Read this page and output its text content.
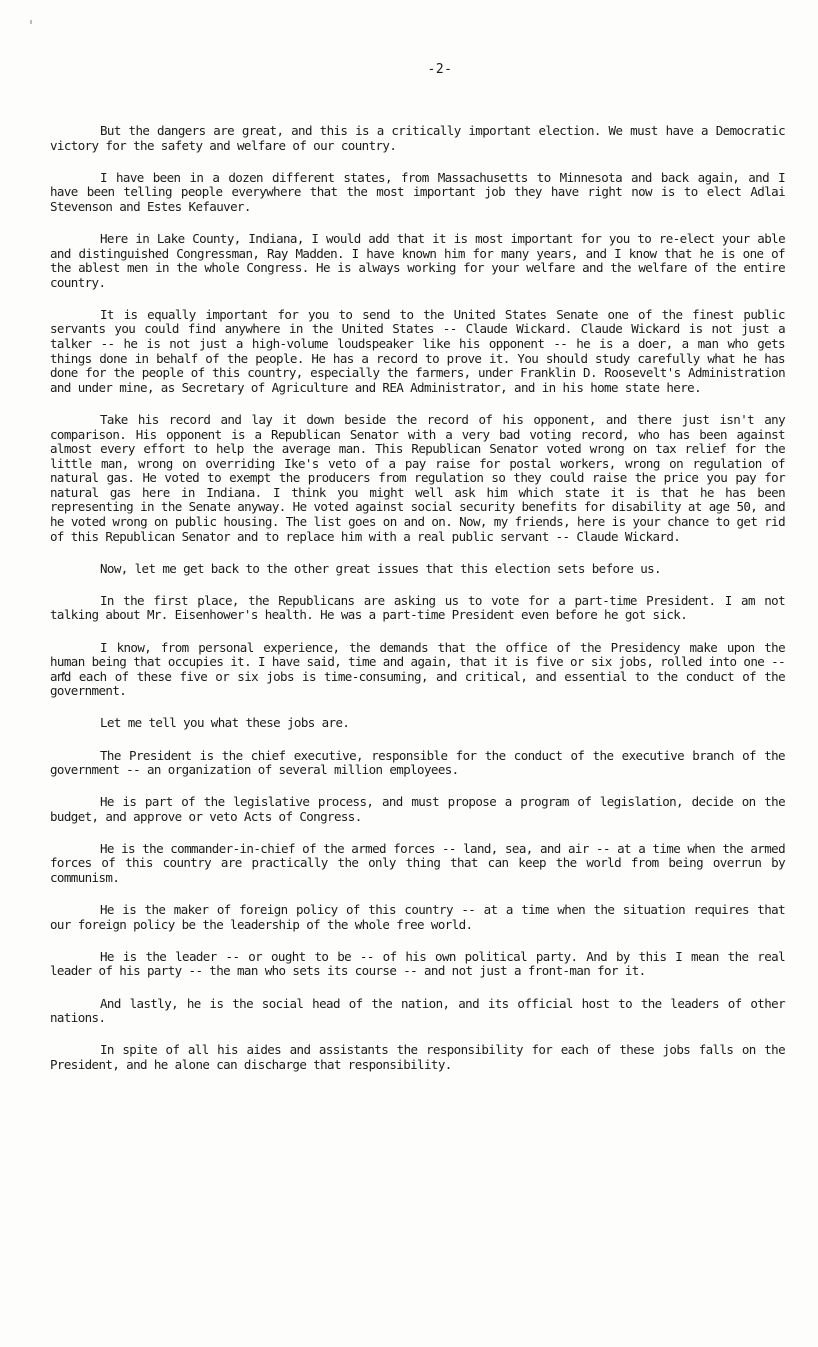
-2-

But the dangers are great, and this is a critically important election. We must have a Democratic victory for the safety and welfare of our country.

I have been in a dozen different states, from Massachusetts to Minnesota and back again, and I have been telling people everywhere that the most important job they have right now is to elect Adlai Stevenson and Estes Kefauver.

Here in Lake County, Indiana, I would add that it is most important for you to re-elect your able and distinguished Congressman, Ray Madden. I have known him for many years, and I know that he is one of the ablest men in the whole Congress. He is always working for your welfare and the welfare of the entire country.

It is equally important for you to send to the United States Senate one of the finest public servants you could find anywhere in the United States -- Claude Wickard. Claude Wickard is not just a talker -- he is not just a high-volume loudspeaker like his opponent -- he is a doer, a man who gets things done in behalf of the people. He has a record to prove it. You should study carefully what he has done for the people of this country, especially the farmers, under Franklin D. Roosevelt's Administration and under mine, as Secretary of Agriculture and REA Administrator, and in his home state here.

Take his record and lay it down beside the record of his opponent, and there just isn't any comparison. His opponent is a Republican Senator with a very bad voting record, who has been against almost every effort to help the average man. This Republican Senator voted wrong on tax relief for the little man, wrong on overriding Ike's veto of a pay raise for postal workers, wrong on regulation of natural gas. He voted to exempt the producers from regulation so they could raise the price you pay for natural gas here in Indiana. I think you might well ask him which state it is that he has been representing in the Senate anyway. He voted against social security benefits for disability at age 50, and he voted wrong on public housing. The list goes on and on. Now, my friends, here is your chance to get rid of this Republican Senator and to replace him with a real public servant -- Claude Wickard.

Now, let me get back to the other great issues that this election sets before us.

In the first place, the Republicans are asking us to vote for a part-time President. I am not talking about Mr. Eisenhower's health. He was a part-time President even before he got sick.

I know, from personal experience, the demands that the office of the Presidency make upon the human being that occupies it. I have said, time and again, that it is five or six jobs, rolled into one -- and each of these five or six jobs is time-consuming, and critical, and essential to the conduct of the government.

Let me tell you what these jobs are.

The President is the chief executive, responsible for the conduct of the executive branch of the government -- an organization of several million employees.

He is part of the legislative process, and must propose a program of legislation, decide on the budget, and approve or veto Acts of Congress.

He is the commander-in-chief of the armed forces -- land, sea, and air -- at a time when the armed forces of this country are practically the only thing that can keep the world from being overrun by communism.

He is the maker of foreign policy of this country -- at a time when the situation requires that our foreign policy be the leadership of the whole free world.

He is the leader -- or ought to be -- of his own political party. And by this I mean the real leader of his party -- the man who sets its course -- and not just a front-man for it.

And lastly, he is the social head of the nation, and its official host to the leaders of other nations.

In spite of all his aides and assistants the responsibility for each of these jobs falls on the President, and he alone can discharge that responsibility.
